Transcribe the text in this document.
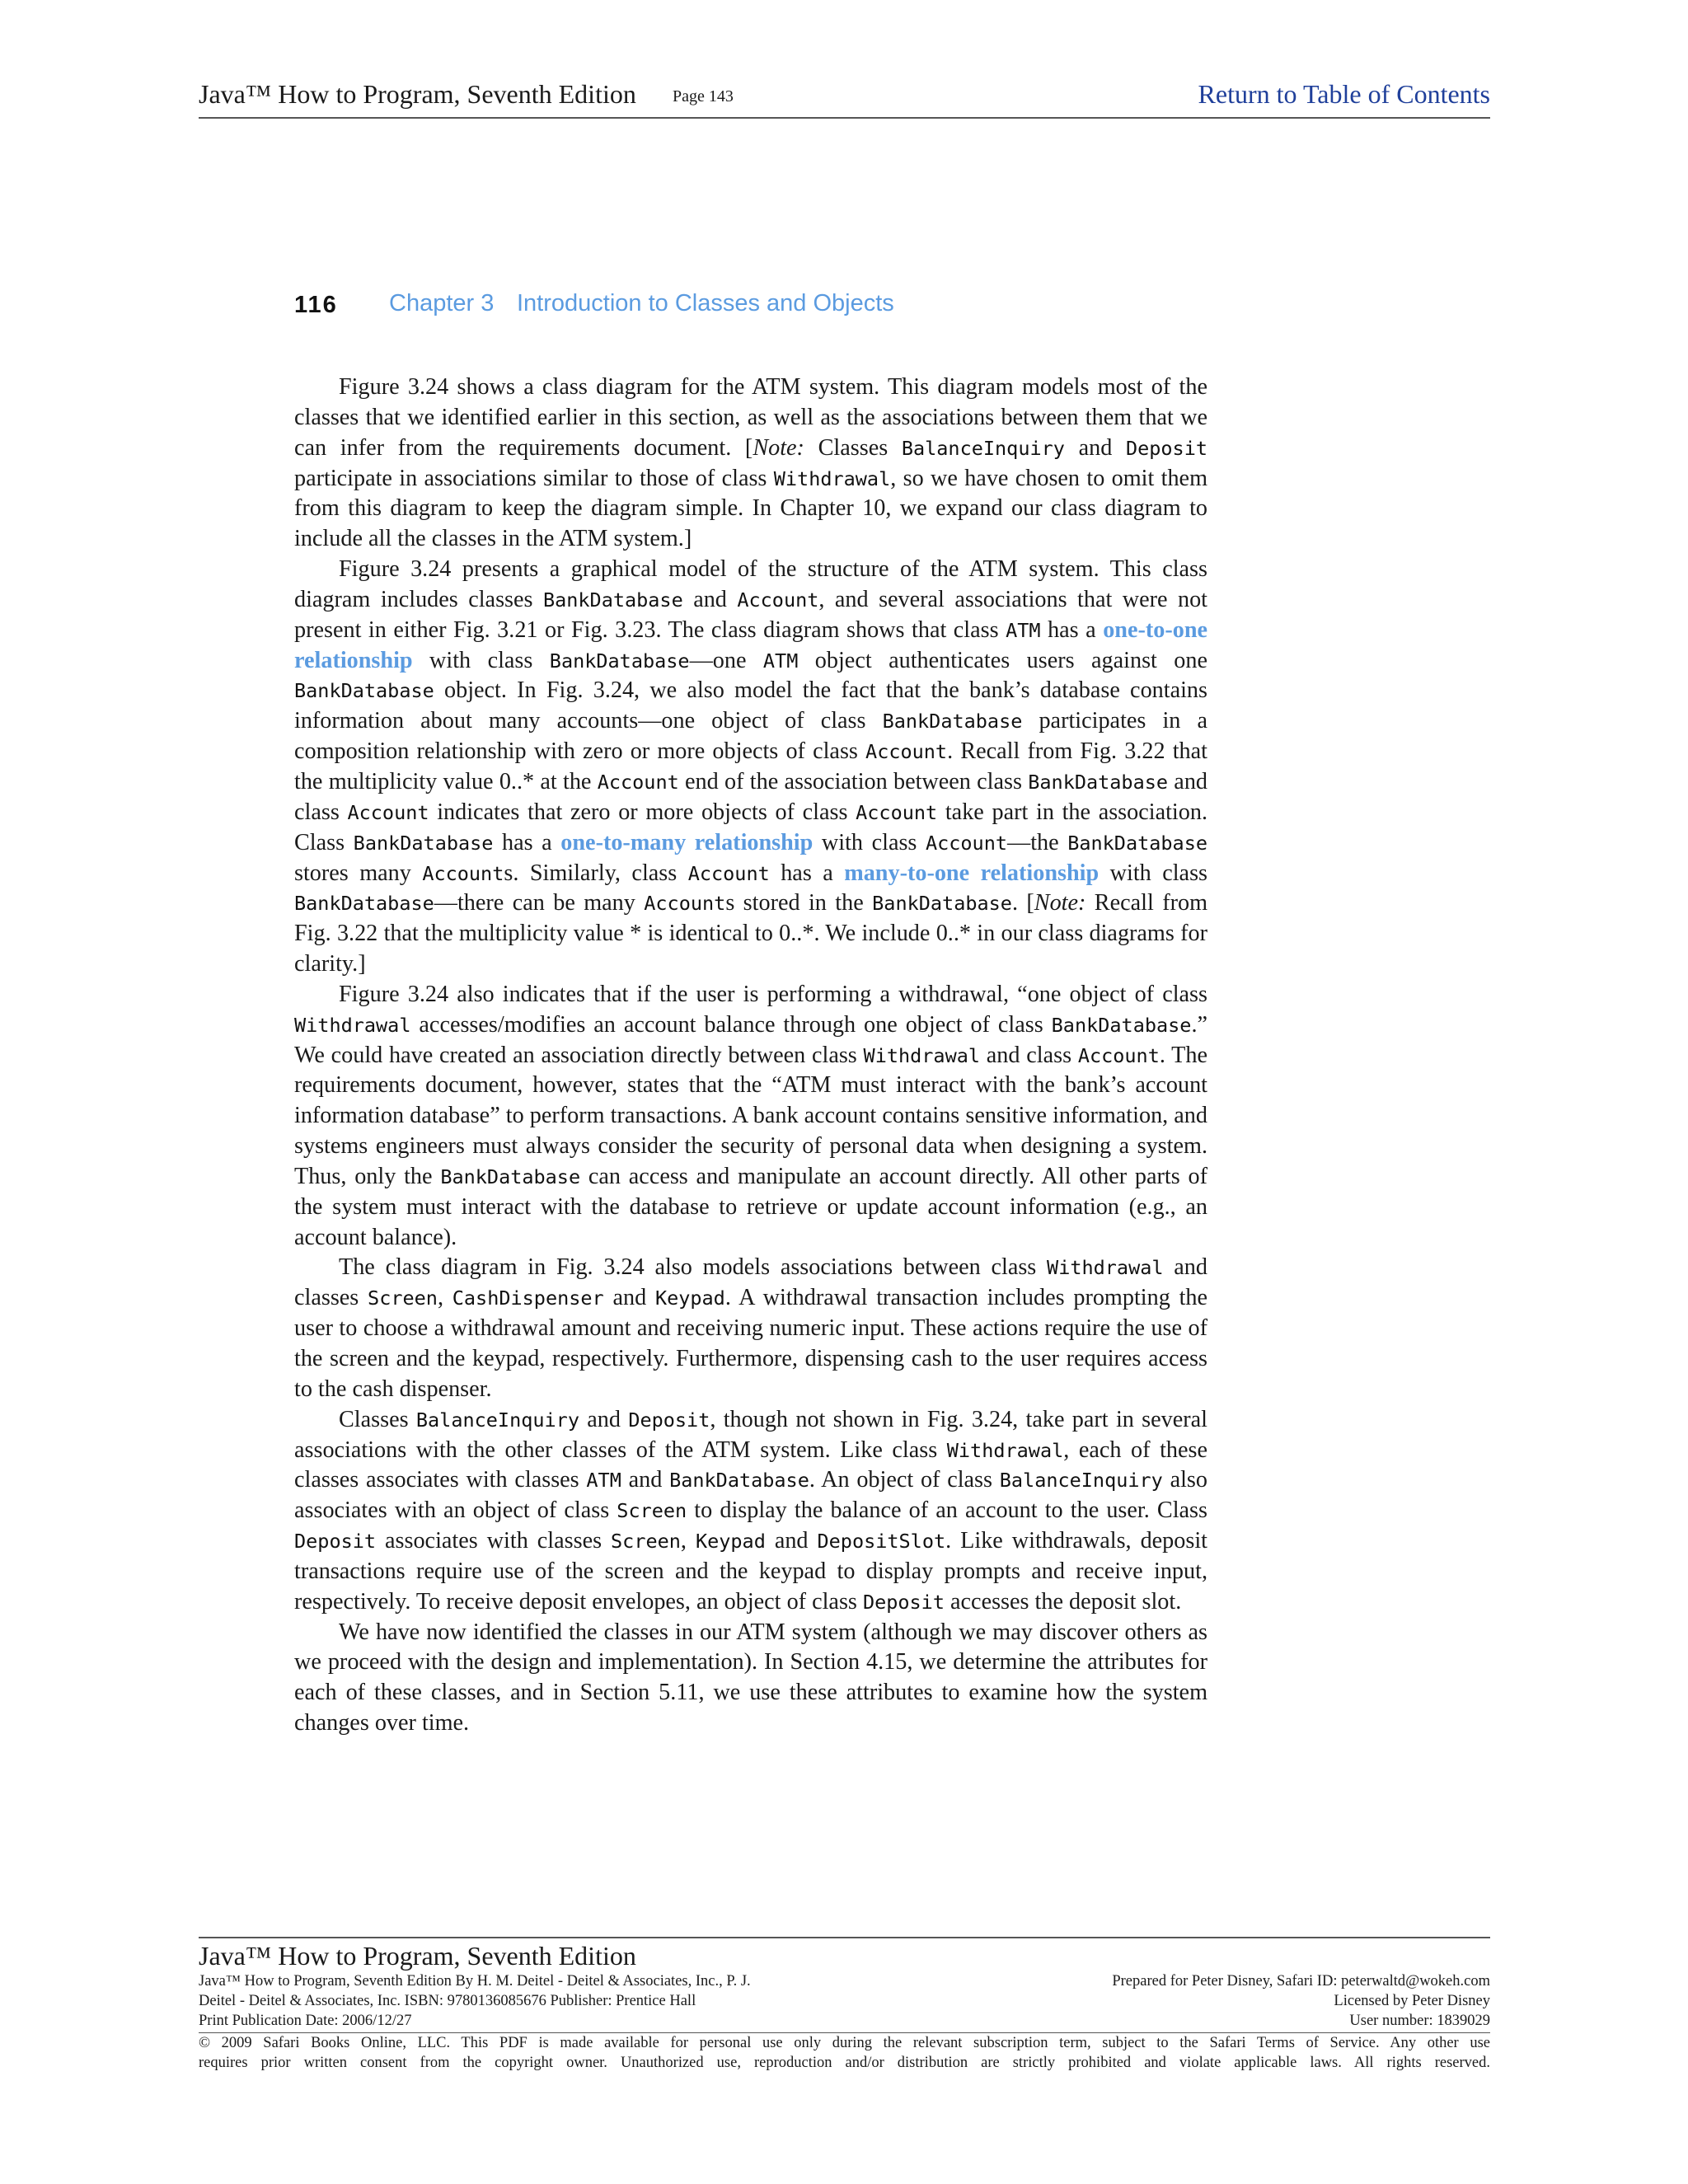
Java™ How to Program, Seventh Edition Page 143	Return to Table of Contents
116 Chapter 3 Introduction to Classes and Objects

Figure 3.24 shows a class diagram for the ATM system. This diagram models most of the classes that we identified earlier in this section, as well as the associations between them that we can infer from the requirements document. [Note: Classes BalanceInquiry and Deposit participate in associations similar to those of class Withdrawal, so we have chosen to omit them from this diagram to keep the diagram simple. In Chapter 10, we expand our class diagram to include all the classes in the ATM system.]

Figure 3.24 presents a graphical model of the structure of the ATM system. This class diagram includes classes BankDatabase and Account, and several associations that were not present in either Fig. 3.21 or Fig. 3.23. The class diagram shows that class ATM has a one-to-one relationship with class BankDatabase—one ATM object authenticates users against one BankDatabase object. In Fig. 3.24, we also model the fact that the bank’s database contains information about many accounts—one object of class BankDatabase participates in a composition relationship with zero or more objects of class Account. Recall from Fig. 3.22 that the multiplicity value 0..* at the Account end of the association between class BankDatabase and class Account indicates that zero or more objects of class Account take part in the association. Class BankDatabase has a one-to-many relationship with class Account—the BankDatabase stores many Accounts. Similarly, class Account has a many-to-one relationship with class BankDatabase—there can be many Accounts stored in the BankDatabase. [Note: Recall from Fig. 3.22 that the multiplicity value * is identical to 0..*. We include 0..* in our class diagrams for clarity.]

Figure 3.24 also indicates that if the user is performing a withdrawal, “one object of class Withdrawal accesses/modifies an account balance through one object of class BankDatabase.” We could have created an association directly between class Withdrawal and class Account. The requirements document, however, states that the “ATM must interact with the bank’s account information database” to perform transactions. A bank account contains sensitive information, and systems engineers must always consider the security of personal data when designing a system. Thus, only the BankDatabase can access and manipulate an account directly. All other parts of the system must interact with the database to retrieve or update account information (e.g., an account balance).

The class diagram in Fig. 3.24 also models associations between class Withdrawal and classes Screen, CashDispenser and Keypad. A withdrawal transaction includes prompting the user to choose a withdrawal amount and receiving numeric input. These actions require the use of the screen and the keypad, respectively. Furthermore, dispensing cash to the user requires access to the cash dispenser.

Classes BalanceInquiry and Deposit, though not shown in Fig. 3.24, take part in several associations with the other classes of the ATM system. Like class Withdrawal, each of these classes associates with classes ATM and BankDatabase. An object of class BalanceInquiry also associates with an object of class Screen to display the balance of an account to the user. Class Deposit associates with classes Screen, Keypad and DepositSlot. Like withdrawals, deposit transactions require use of the screen and the keypad to display prompts and receive input, respectively. To receive deposit envelopes, an object of class Deposit accesses the deposit slot.

We have now identified the classes in our ATM system (although we may discover others as we proceed with the design and implementation). In Section 4.15, we determine the attributes for each of these classes, and in Section 5.11, we use these attributes to examine how the system changes over time.

Java™ How to Program, Seventh Edition
Java™ How to Program, Seventh Edition By H. M. Deitel - Deitel & Associates, Inc., P. J.	Prepared for Peter Disney, Safari ID: peterwaltd@wokeh.com
Deitel - Deitel & Associates, Inc. ISBN: 9780136085676 Publisher: Prentice Hall	Licensed by Peter Disney
Print Publication Date: 2006/12/27	User number: 1839029
© 2009 Safari Books Online, LLC. This PDF is made available for personal use only during the relevant subscription term, subject to the Safari Terms of Service. Any other use
requires prior written consent from the copyright owner. Unauthorized use, reproduction and/or distribution are strictly prohibited and violate applicable laws. All rights reserved.
